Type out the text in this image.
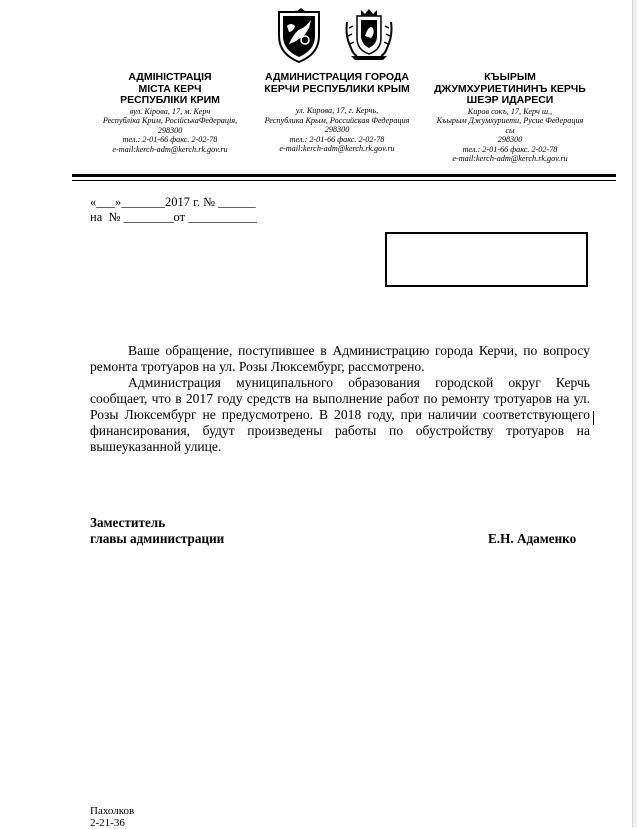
АДМІНІСТРАЦІЯ
МІСТА КЕРЧ
РЕСПУБЛІКИ КРИМ
вул. Кірова, 17, м. Керч
Республіка Крим, РосійськаФедерація,
298300
тел.: 2-01-66 факс. 2-02-78
e-mail:kerch-adm@kerch.rk.gov.ru
АДМИНИСТРАЦИЯ ГОРОДА
КЕРЧИ РЕСПУБЛИКИ КРЫМ
ул. Кирова, 17, г. Керчь,
Республика Крым, Российская Федерация
298300
тел.: 2-01-66 факс. 2-02-78
e-mail:kerch-adm@kerch.rk.gov.ru
КЪЫРЫМ
ДЖУМХУРИЕТИНИНЪ КЕРЧЬ
ШЕЭР ИДАРЕСИ
Киров сокъ, 17, Керч ш.,
Къырым Джумхуриети, Русие Федерация
сы
298300
тел.: 2-01-66 факс. 2-02-78
e-mail:kerch-adm@kerch.rk.gov.ru
«___»_______2017 г. № ______
на  № ________от ___________

Ваше обращение, поступившее в Администрацию города Керчи, по вопросу ремонта тротуаров на ул. Розы Люксембург, рассмотрено.

Администрация муниципального образования городской округ Керчь сообщает, что в 2017 году средств на выполнение работ по ремонту тротуаров на ул. Розы Люксембург не предусмотрено. В 2018 году, при наличии соответствующего финансирования, будут произведены работы по обустройству тротуаров на вышеуказанной улице.

Заместитель
главы администрации	Е.Н. Адаменко
Пахолков
2-21-36
